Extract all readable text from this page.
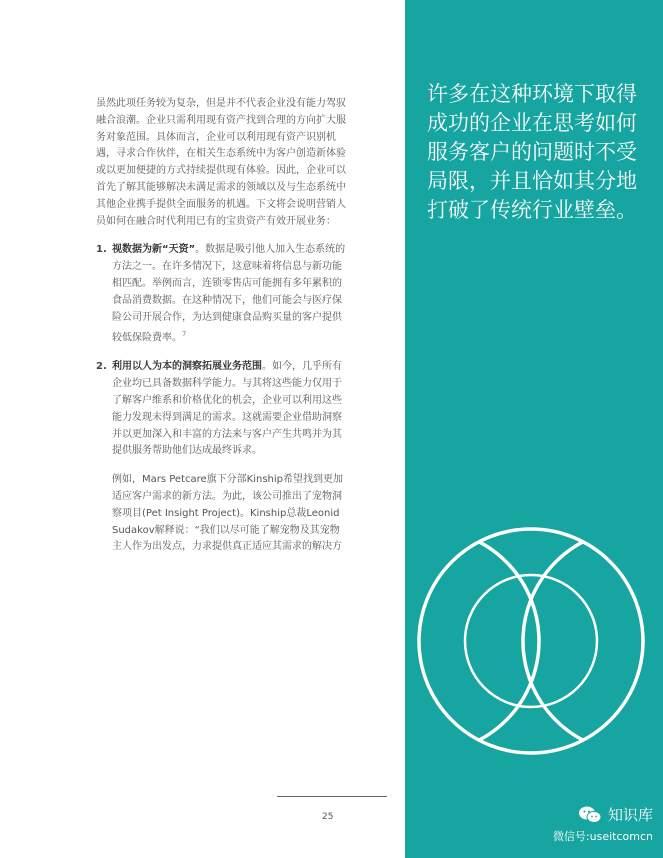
虽然此项任务较为复杂，但是并不代表企业没有能力驾驭融合浪潮。企业只需利用现有资产找到合理的方向扩大服务对象范围。具体而言，企业可以利用现有资产识别机遇，寻求合作伙伴，在相关生态系统中为客户创造新体验或以更加便捷的方式持续提供现有体验。因此，企业可以首先了解其能够解决未满足需求的领域以及与生态系统中其他企业携手提供全面服务的机遇。下文将会说明营销人员如何在融合时代利用已有的宝贵资产有效开展业务：

1. 视数据为新“天资”。数据是吸引他人加入生态系统的方法之一。在许多情况下，这意味着将信息与新功能相匹配。举例而言，连锁零售店可能拥有多年累积的食品消费数据。在这种情况下，他们可能会与医疗保险公司开展合作，为达到健康食品购买量的客户提供较低保险费率。$^7$
2. 利用以人为本的洞察拓展业务范围。如今，几乎所有企业均已具备数据科学能力。与其将这些能力仅用于了解客户维系和价格优化的机会，企业可以利用这些能力发现未得到满足的需求。这就需要企业借助洞察并以更加深入和丰富的方法来与客户产生共鸣并为其提供服务帮助他们达成最终诉求。

例如，Mars Petcare旗下分部Kinship希望找到更加适应客户需求的新方法。为此，该公司推出了宠物洞察项目(Pet Insight Project)。Kinship总裁Leonid Sudakov解释说：“我们以尽可能了解宠物及其宠物主人作为出发点，力求提供真正适应其需求的解决方

25

许多在这种环境下取得成功的企业在思考如何服务客户的问题时不受局限，并且恰如其分地打破了传统行业壁垒。

知识库
微信号:useitcomcn
